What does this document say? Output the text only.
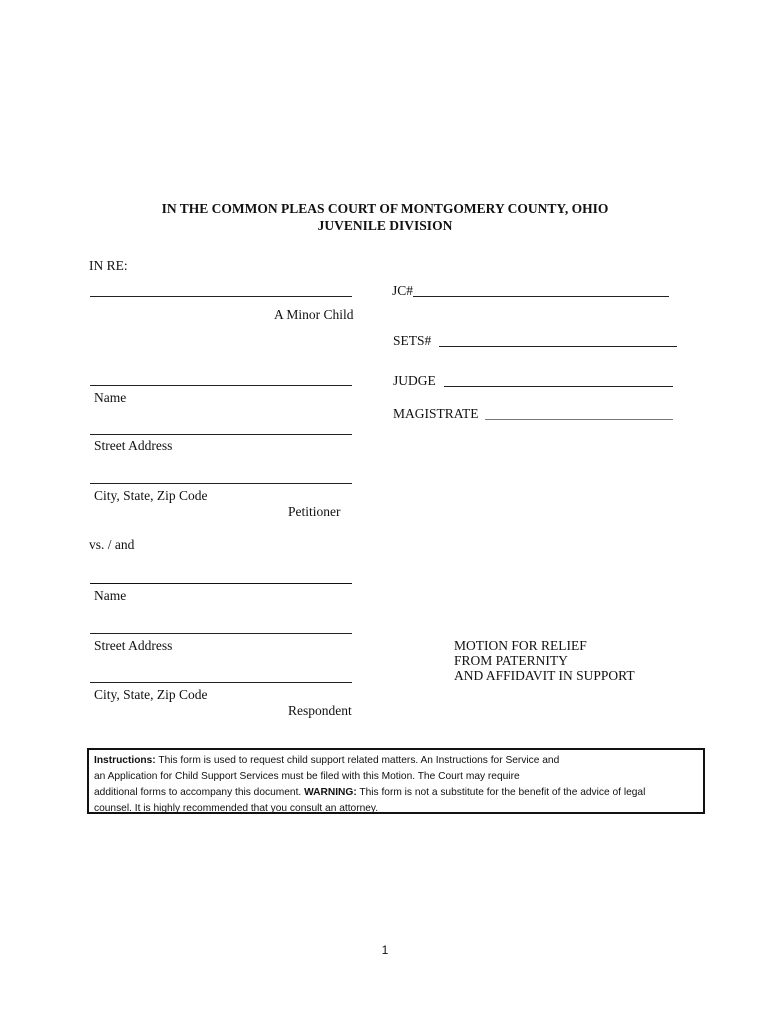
IN THE COMMON PLEAS COURT OF MONTGOMERY COUNTY, OHIO
JUVENILE DIVISION
IN RE:
A Minor Child
JC#
SETS#
JUDGE
MAGISTRATE
Name
Street Address
City, State, Zip Code
Petitioner
vs. / and
Name
Street Address
City, State, Zip Code
Respondent
MOTION FOR RELIEF
FROM PATERNITY
AND AFFIDAVIT IN SUPPORT
Instructions: This form is used to request child support related matters. An Instructions for Service and
an Application for Child Support Services must be filed with this Motion. The Court may require
additional forms to accompany this document. WARNING: This form is not a substitute for the benefit of the advice of legal
counsel. It is highly recommended that you consult an attorney.
1
